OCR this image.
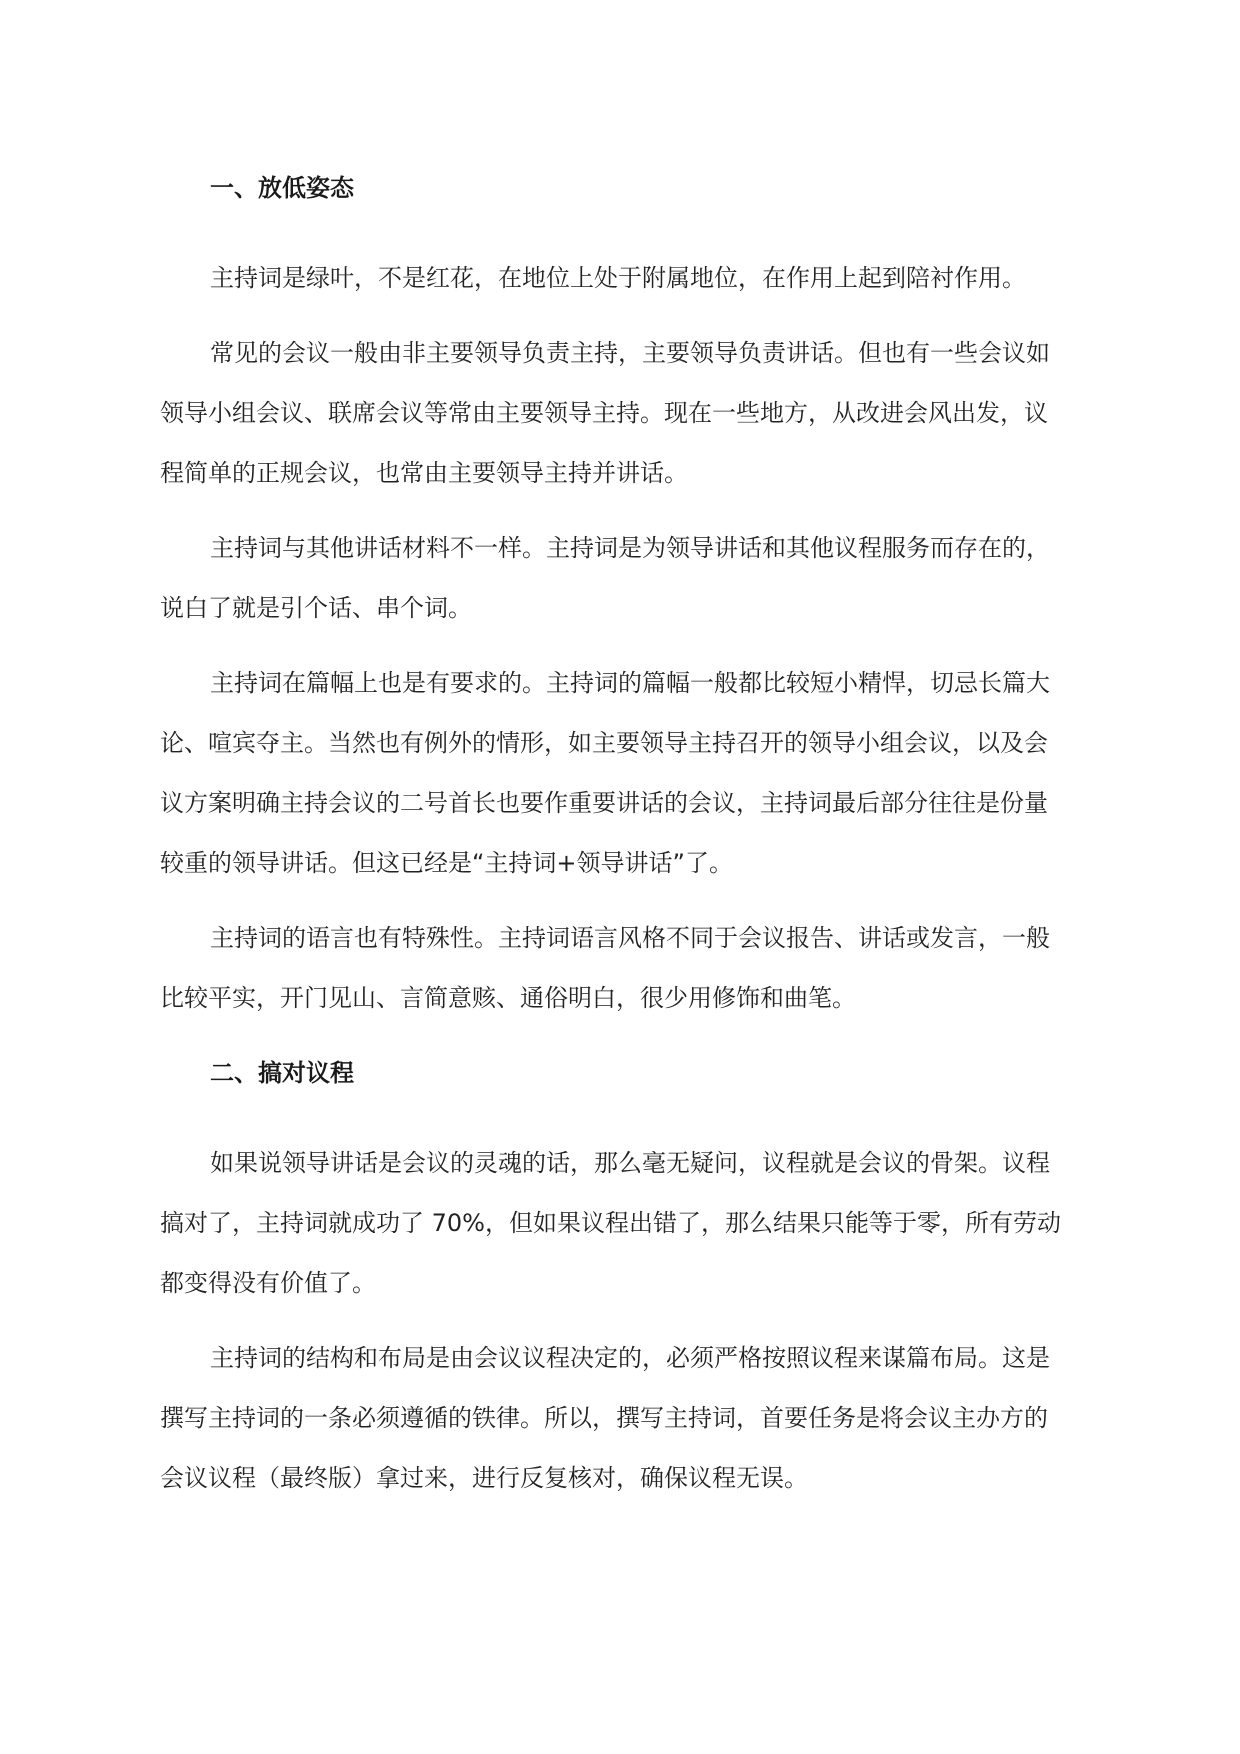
一、放低姿态

主持词是绿叶，不是红花，在地位上处于附属地位，在作用上起到陪衬作用。

常见的会议一般由非主要领导负责主持，主要领导负责讲话。但也有一些会议如
领导小组会议、联席会议等常由主要领导主持。现在一些地方，从改进会风出发，议
程简单的正规会议，也常由主要领导主持并讲话。

主持词与其他讲话材料不一样。主持词是为领导讲话和其他议程服务而存在的，
说白了就是引个话、串个词。

主持词在篇幅上也是有要求的。主持词的篇幅一般都比较短小精悍，切忌长篇大
论、喧宾夺主。当然也有例外的情形，如主要领导主持召开的领导小组会议，以及会
议方案明确主持会议的二号首长也要作重要讲话的会议，主持词最后部分往往是份量
较重的领导讲话。但这已经是“主持词+领导讲话”了。

主持词的语言也有特殊性。主持词语言风格不同于会议报告、讲话或发言，一般
比较平实，开门见山、言简意赅、通俗明白，很少用修饰和曲笔。

二、搞对议程

如果说领导讲话是会议的灵魂的话，那么毫无疑问，议程就是会议的骨架。议程
搞对了，主持词就成功了 70%，但如果议程出错了，那么结果只能等于零，所有劳动
都变得没有价值了。

主持词的结构和布局是由会议议程决定的，必须严格按照议程来谋篇布局。这是
撰写主持词的一条必须遵循的铁律。所以，撰写主持词，首要任务是将会议主办方的
会议议程（最终版）拿过来，进行反复核对，确保议程无误。
